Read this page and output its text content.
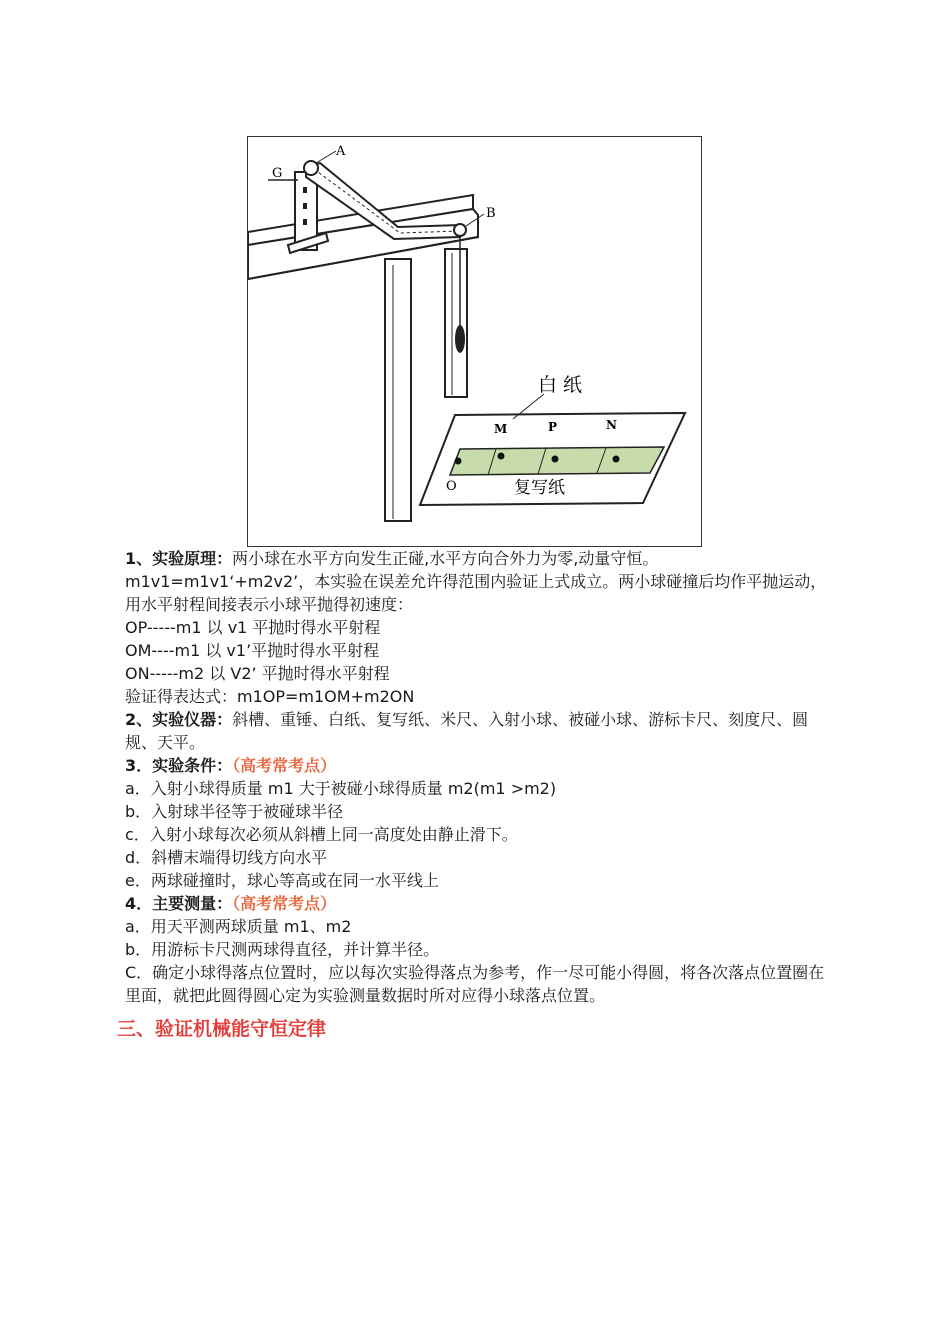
A
G
B
O
M	P	N
白 纸
复写纸
1、实验原理：两小球在水平方向发生正碰,水平方向合外力为零,动量守恒。
m1v1=m1v1‘+m2v2’，本实验在误差允许得范围内验证上式成立。两小球碰撞后均作平抛运动，用水平射程间接表示小球平抛得初速度：
OP-----m1 以 v1 平抛时得水平射程
OM----m1 以 v1’平抛时得水平射程
ON-----m2 以 V2’ 平抛时得水平射程
验证得表达式：m1OP=m1OM+m2ON
2、实验仪器：斜槽、重锤、白纸、复写纸、米尺、入射小球、被碰小球、游标卡尺、刻度尺、圆规、天平。
3．实验条件：（高考常考点）
a．入射小球得质量 m1 大于被碰小球得质量 m2(m1 >m2)
b．入射球半径等于被碰球半径
c．入射小球每次必须从斜槽上同一高度处由静止滑下。
d．斜槽末端得切线方向水平
e．两球碰撞时，球心等高或在同一水平线上
4．主要测量：（高考常考点）
a．用天平测两球质量 m1、m2
b．用游标卡尺测两球得直径，并计算半径。
C．确定小球得落点位置时，应以每次实验得落点为参考，作一尽可能小得圆，将各次落点位置圈在里面，就把此圆得圆心定为实验测量数据时所对应得小球落点位置。
三、验证机械能守恒定律
